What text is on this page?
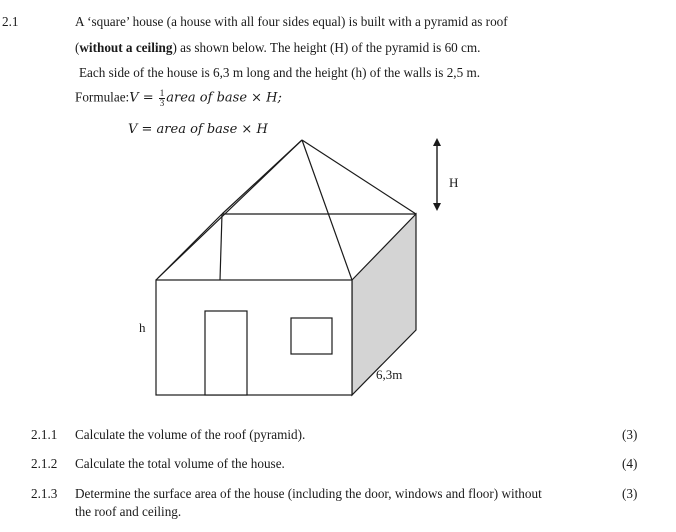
2.1	A ‘square’ house (a house with all four sides equal) is built with a pyramid as roof
(without a ceiling) as shown below. The height (H) of the pyramid is 60 cm.
Each side of the house is 6,3 m long and the height (h) of the walls is 2,5 m.
Formulae:V = $\frac{1}{3}$ area of base × H;
V = area of base × H
H
h
6,3m
2.1.1 Calculate the volume of the roof (pyramid).	(3)
2.1.2 Calculate the total volume of the house.	(4)
2.1.3 Determine the surface area of the house (including the door, windows and floor) without
the roof and ceiling.
(3)
